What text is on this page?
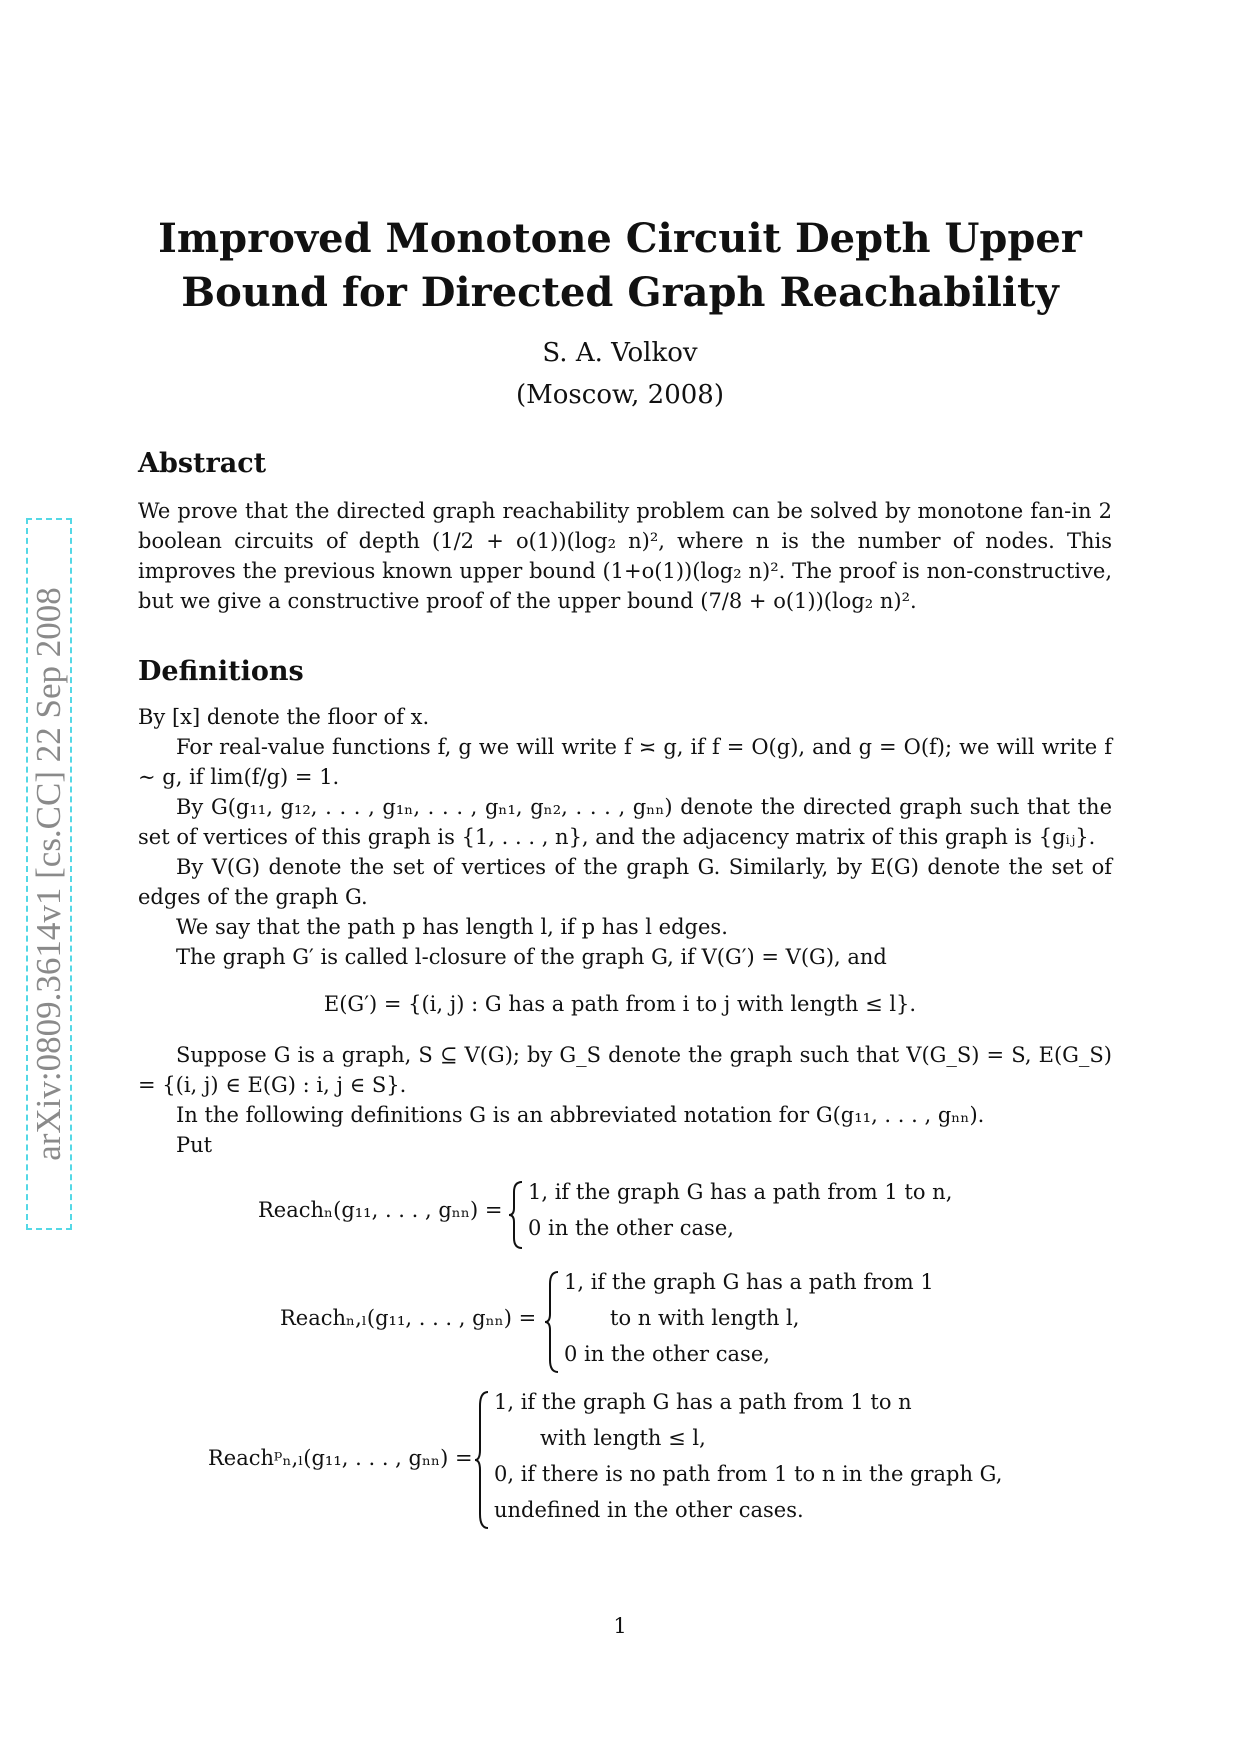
arXiv:0809.3614v1 [cs.CC] 22 Sep 2008
Improved Monotone Circuit Depth Upper
Bound for Directed Graph Reachability
S. A. Volkov
(Moscow, 2008)
Abstract

We prove that the directed graph reachability problem can be solved by monotone fan-in 2 boolean circuits of depth (1/2 + o(1))(log₂ n)², where n is the number of nodes. This improves the previous known upper bound (1+o(1))(log₂ n)². The proof is non-constructive, but we give a constructive proof of the upper bound (7/8 + o(1))(log₂ n)².

Definitions

By [x] denote the floor of x.

For real-value functions f, g we will write f ≍ g, if f = O(g), and g = O(f); we will write f ∼ g, if lim(f/g) = 1.

By G(g₁₁, g₁₂, . . . , g₁ₙ, . . . , gₙ₁, gₙ₂, . . . , gₙₙ) denote the directed graph such that the set of vertices of this graph is {1, . . . , n}, and the adjacency matrix of this graph is {gᵢⱼ}.

By V(G) denote the set of vertices of the graph G. Similarly, by E(G) denote the set of edges of the graph G.

We say that the path p has length l, if p has l edges.

The graph G′ is called l-closure of the graph G, if V(G′) = V(G), and

E(G′) = {(i, j) : G has a path from i to j with length ≤ l}.

Suppose G is a graph, S ⊆ V(G); by G_S denote the graph such that V(G_S) = S, E(G_S) = {(i, j) ∈ E(G) : i, j ∈ S}.

In the following definitions G is an abbreviated notation for G(g₁₁, . . . , gₙₙ).

Put

Reachₙ(g₁₁, . . . , gₙₙ) =
1, if the graph G has a path from 1 to n,
0 in the other case,
Reachₙ,ₗ(g₁₁, . . . , gₙₙ) =
1, if the graph G has a path from 1
to n with length l,
0 in the other case,
Reachᵖₙ,ₗ(g₁₁, . . . , gₙₙ) =
1, if the graph G has a path from 1 to n
with length ≤ l,
0, if there is no path from 1 to n in the graph G,
undefined in the other cases.
1
